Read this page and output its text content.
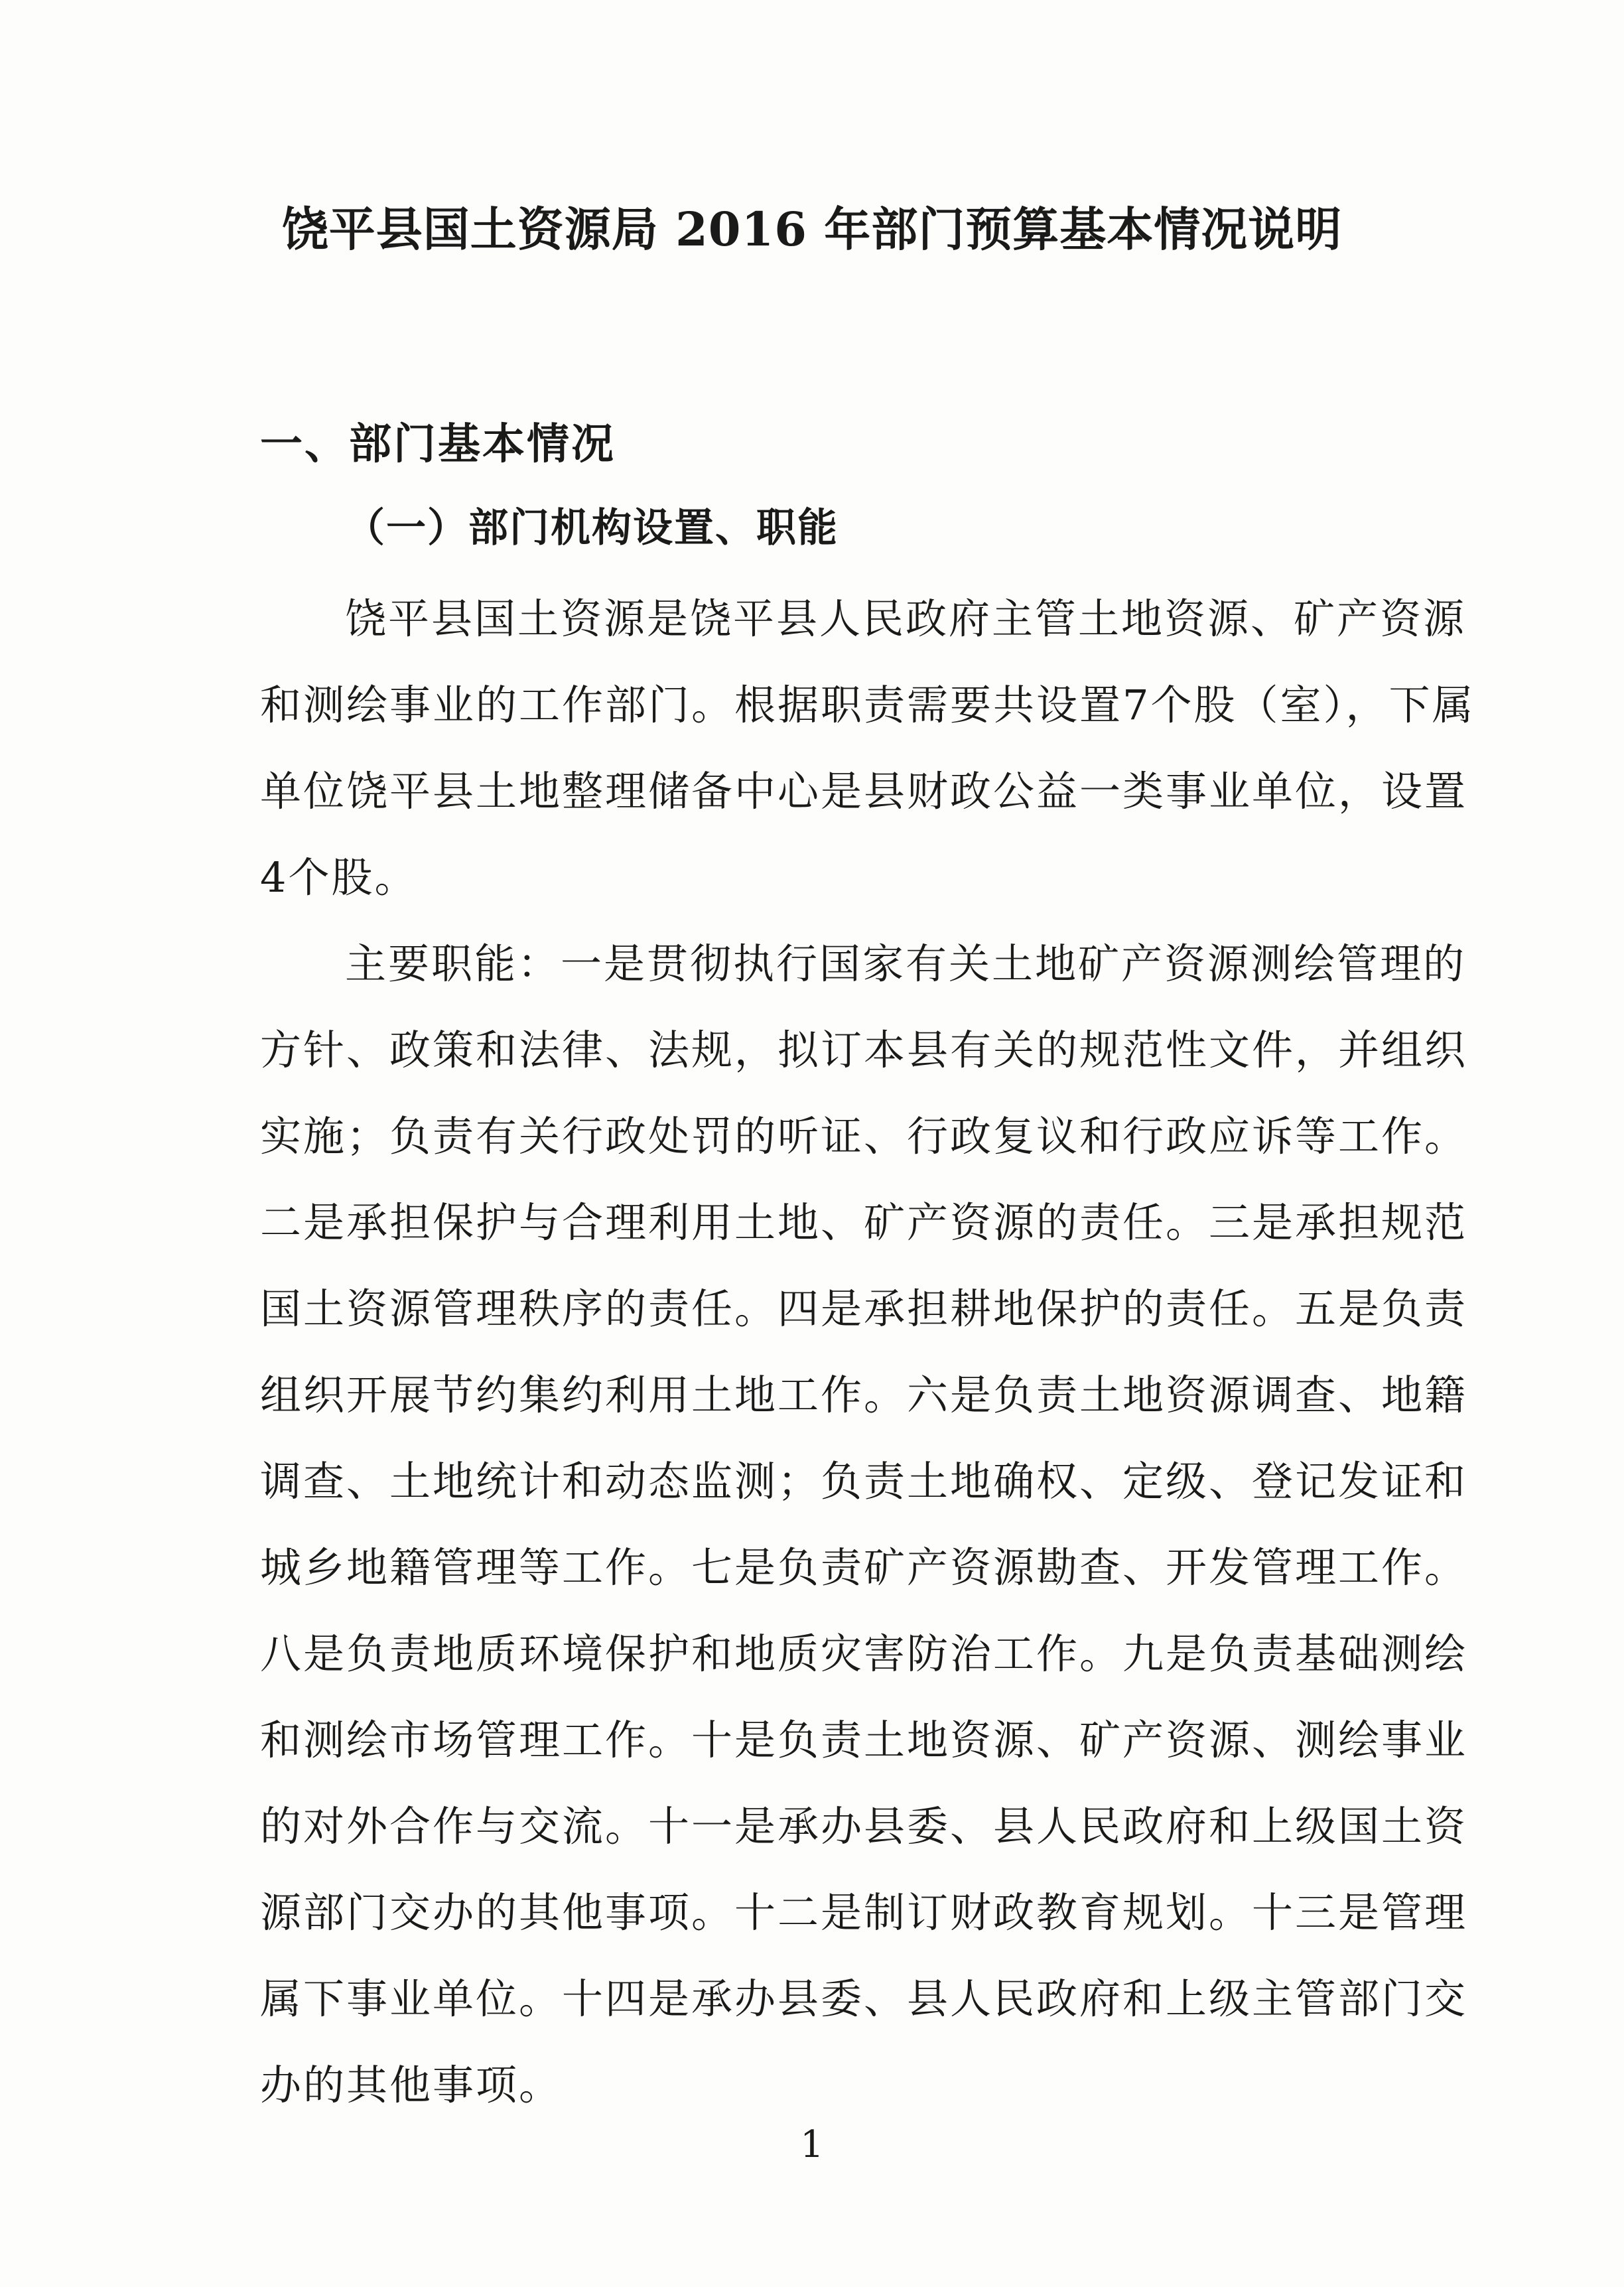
饶平县国土资源局 2016 年部门预算基本情况说明
一、部门基本情况
（一）部门机构设置、职能
饶平县国土资源是饶平县人民政府主管土地资源、矿产资源
和测绘事业的工作部门。根据职责需要共设置7个股（室），下属
单位饶平县土地整理储备中心是县财政公益一类事业单位，设置
4个股。
主要职能：一是贯彻执行国家有关土地矿产资源测绘管理的
方针、政策和法律、法规，拟订本县有关的规范性文件，并组织
实施；负责有关行政处罚的听证、行政复议和行政应诉等工作。
二是承担保护与合理利用土地、矿产资源的责任。三是承担规范
国土资源管理秩序的责任。四是承担耕地保护的责任。五是负责
组织开展节约集约利用土地工作。六是负责土地资源调查、地籍
调查、土地统计和动态监测；负责土地确权、定级、登记发证和
城乡地籍管理等工作。七是负责矿产资源勘查、开发管理工作。
八是负责地质环境保护和地质灾害防治工作。九是负责基础测绘
和测绘市场管理工作。十是负责土地资源、矿产资源、测绘事业
的对外合作与交流。十一是承办县委、县人民政府和上级国土资
源部门交办的其他事项。十二是制订财政教育规划。十三是管理
属下事业单位。十四是承办县委、县人民政府和上级主管部门交
办的其他事项。
1
